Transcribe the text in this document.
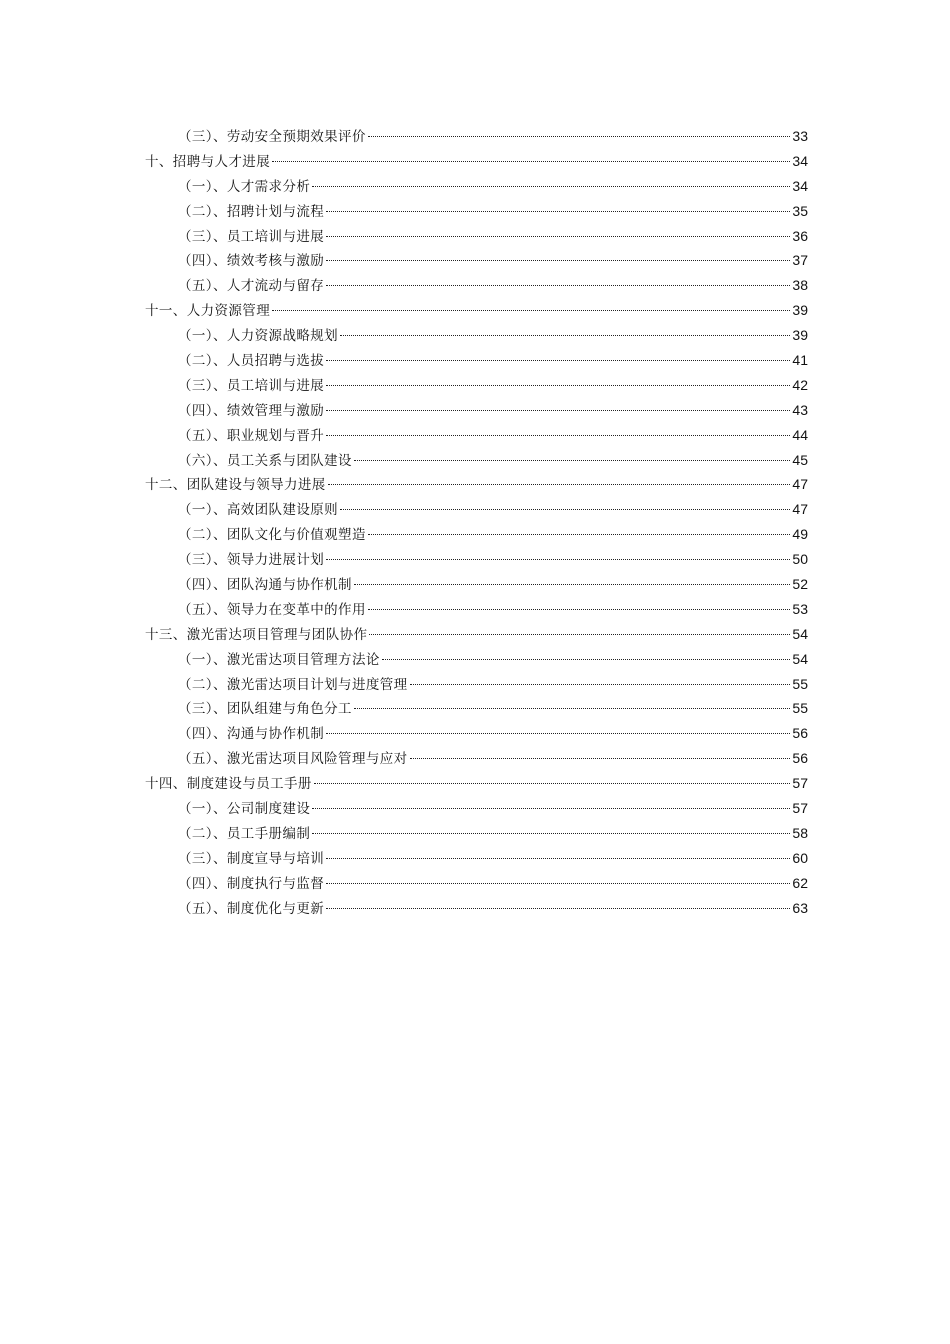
（三）、劳动安全预期效果评价	33
十、招聘与人才进展	34
（一）、人才需求分析	34
（二）、招聘计划与流程	35
（三）、员工培训与进展	36
（四）、绩效考核与激励	37
（五）、人才流动与留存	38
十一、人力资源管理	39
（一）、人力资源战略规划	39
（二）、人员招聘与选拔	41
（三）、员工培训与进展	42
（四）、绩效管理与激励	43
（五）、职业规划与晋升	44
（六）、员工关系与团队建设	45
十二、团队建设与领导力进展	47
（一）、高效团队建设原则	47
（二）、团队文化与价值观塑造	49
（三）、领导力进展计划	50
（四）、团队沟通与协作机制	52
（五）、领导力在变革中的作用	53
十三、激光雷达项目管理与团队协作	54
（一）、激光雷达项目管理方法论	54
（二）、激光雷达项目计划与进度管理	55
（三）、团队组建与角色分工	55
（四）、沟通与协作机制	56
（五）、激光雷达项目风险管理与应对	56
十四、制度建设与员工手册	57
（一）、公司制度建设	57
（二）、员工手册编制	58
（三）、制度宣导与培训	60
（四）、制度执行与监督	62
（五）、制度优化与更新	63
